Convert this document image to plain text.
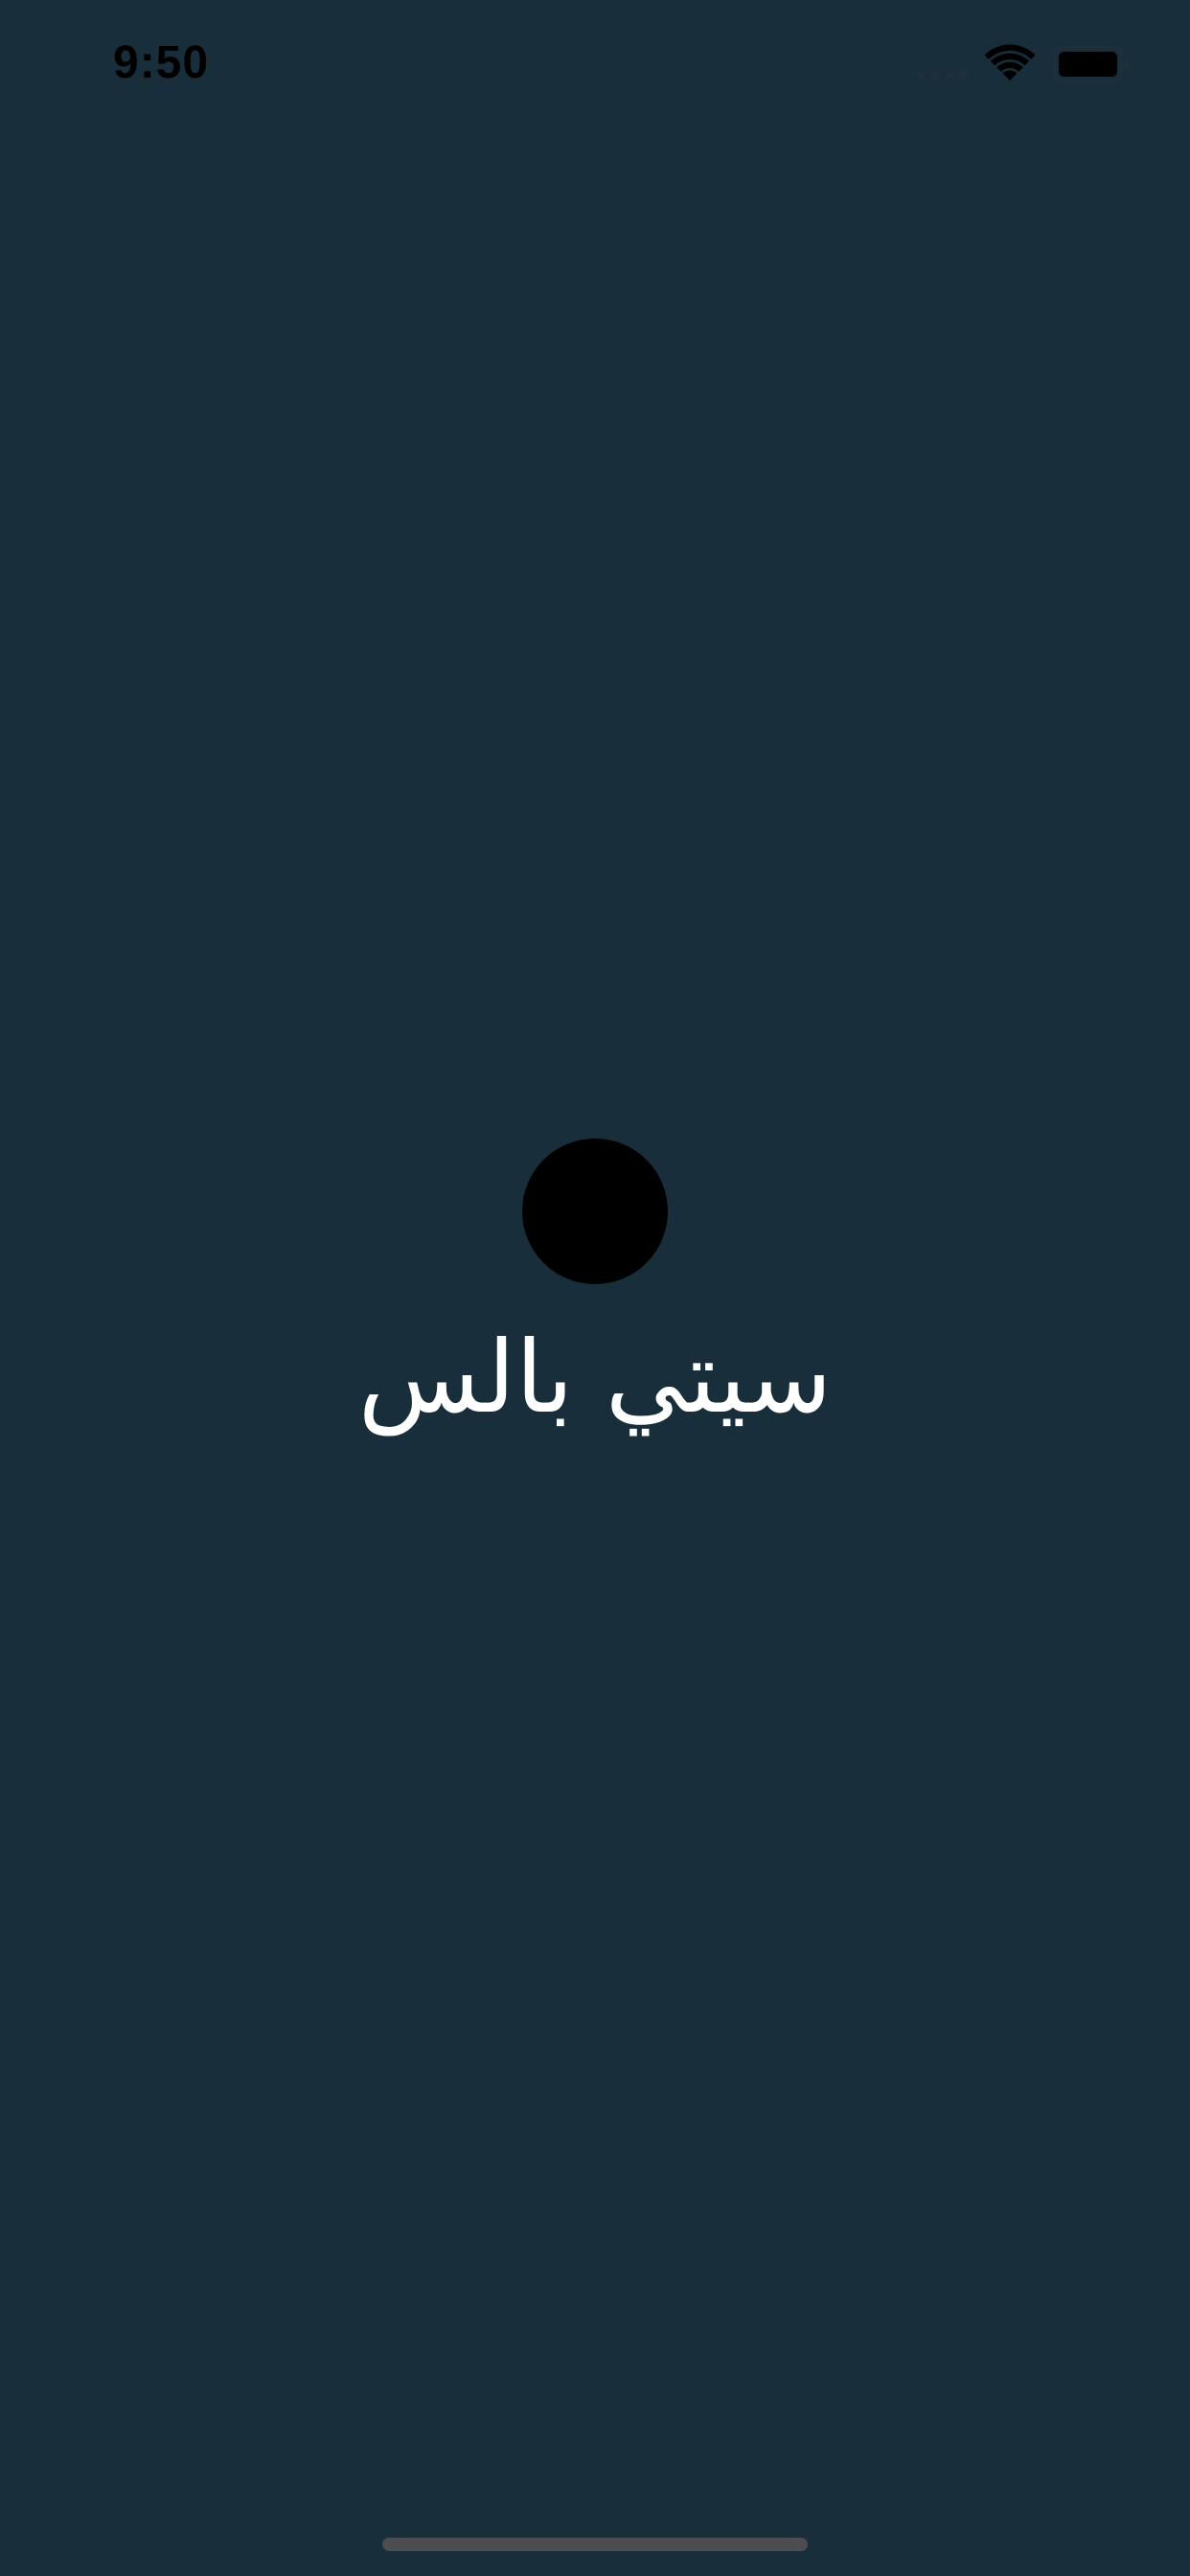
9:50
سيتي بالس
